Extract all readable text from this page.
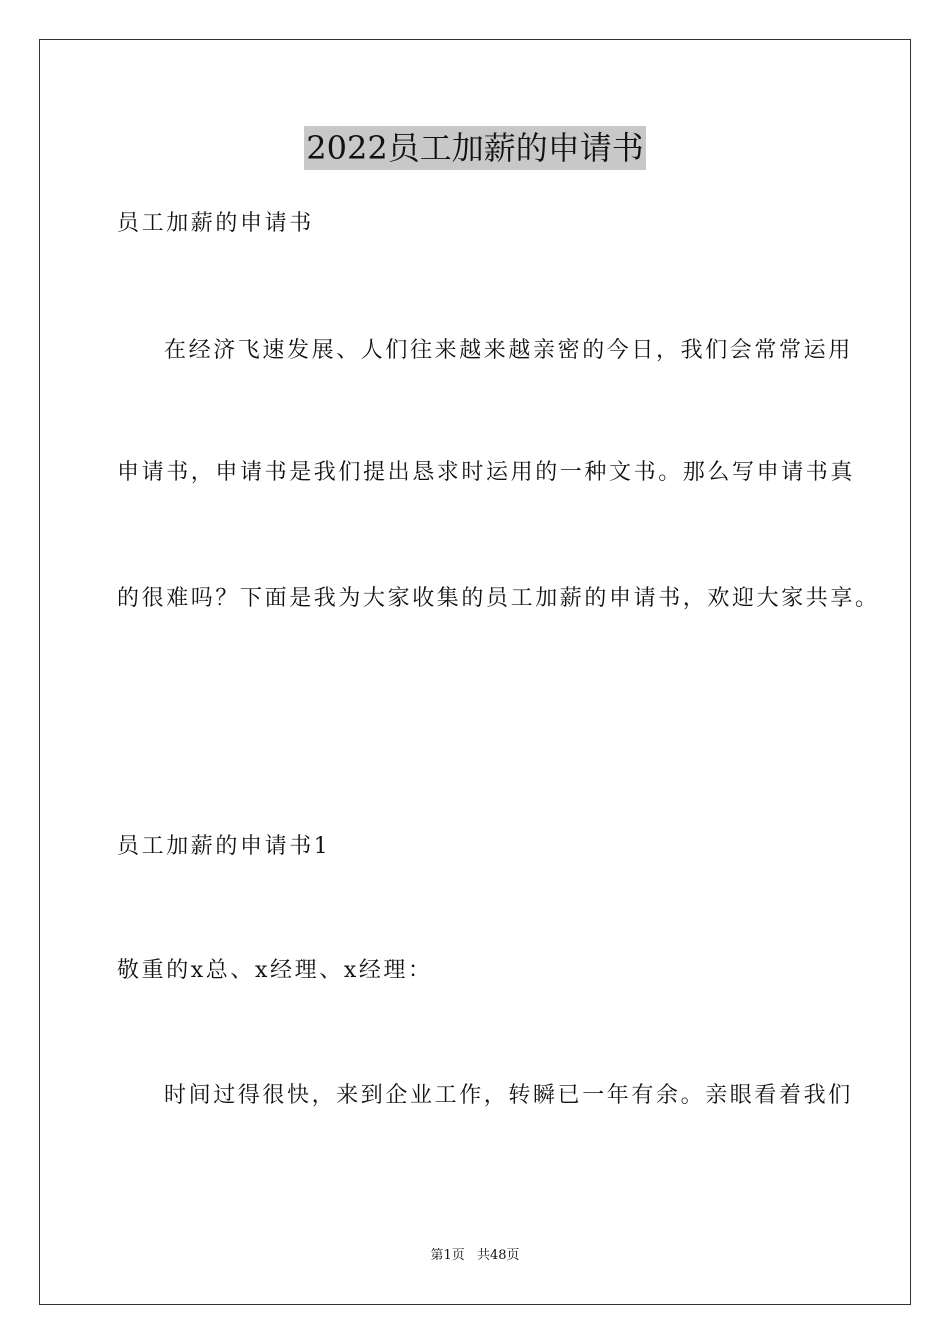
2022员工加薪的申请书
员工加薪的申请书
在经济飞速发展、人们往来越来越亲密的今日，我们会常常运用
申请书，申请书是我们提出恳求时运用的一种文书。那么写申请书真
的很难吗？下面是我为大家收集的员工加薪的申请书，欢迎大家共享。
员工加薪的申请书1
敬重的x总、x经理、x经理：
时间过得很快，来到企业工作，转瞬已一年有余。亲眼看着我们
第1页 共48页
